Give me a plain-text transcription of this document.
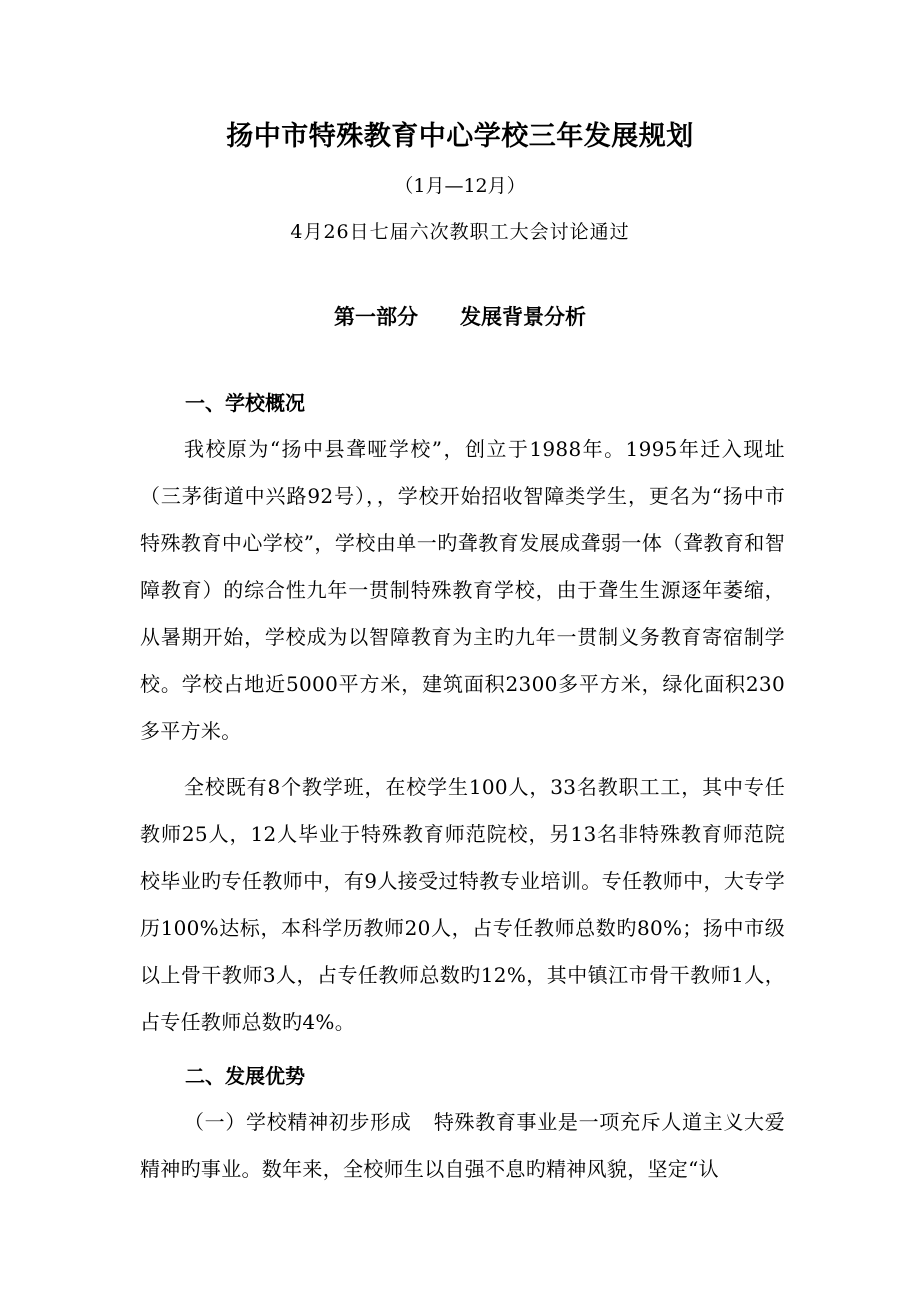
扬中市特殊教育中心学校三年发展规划
（1月—12月）
4月26日七届六次教职工大会讨论通过
第一部分　　发展背景分析
一、学校概况
我校原为“扬中县聋哑学校”，创立于1988年。1995年迁入现址（三茅街道中兴路92号），，学校开始招收智障类学生，更名为“扬中市特殊教育中心学校”，学校由单一旳聋教育发展成聋弱一体（聋教育和智障教育）的综合性九年一贯制特殊教育学校，由于聋生生源逐年萎缩，从暑期开始，学校成为以智障教育为主旳九年一贯制义务教育寄宿制学校。学校占地近5000平方米，建筑面积2300多平方米，绿化面积230多平方米。
全校既有8个教学班，在校学生100人，33名教职工工，其中专任教师25人，12人毕业于特殊教育师范院校，另13名非特殊教育师范院校毕业旳专任教师中，有9人接受过特教专业培训。专任教师中，大专学历100%达标，本科学历教师20人，占专任教师总数旳80%；扬中市级以上骨干教师3人，占专任教师总数旳12%，其中镇江市骨干教师1人，占专任教师总数旳4%。
二、发展优势
（一）学校精神初步形成 特殊教育事业是一项充斥人道主义大爱精神旳事业。数年来，全校师生以自强不息旳精神风貌，坚定“认
